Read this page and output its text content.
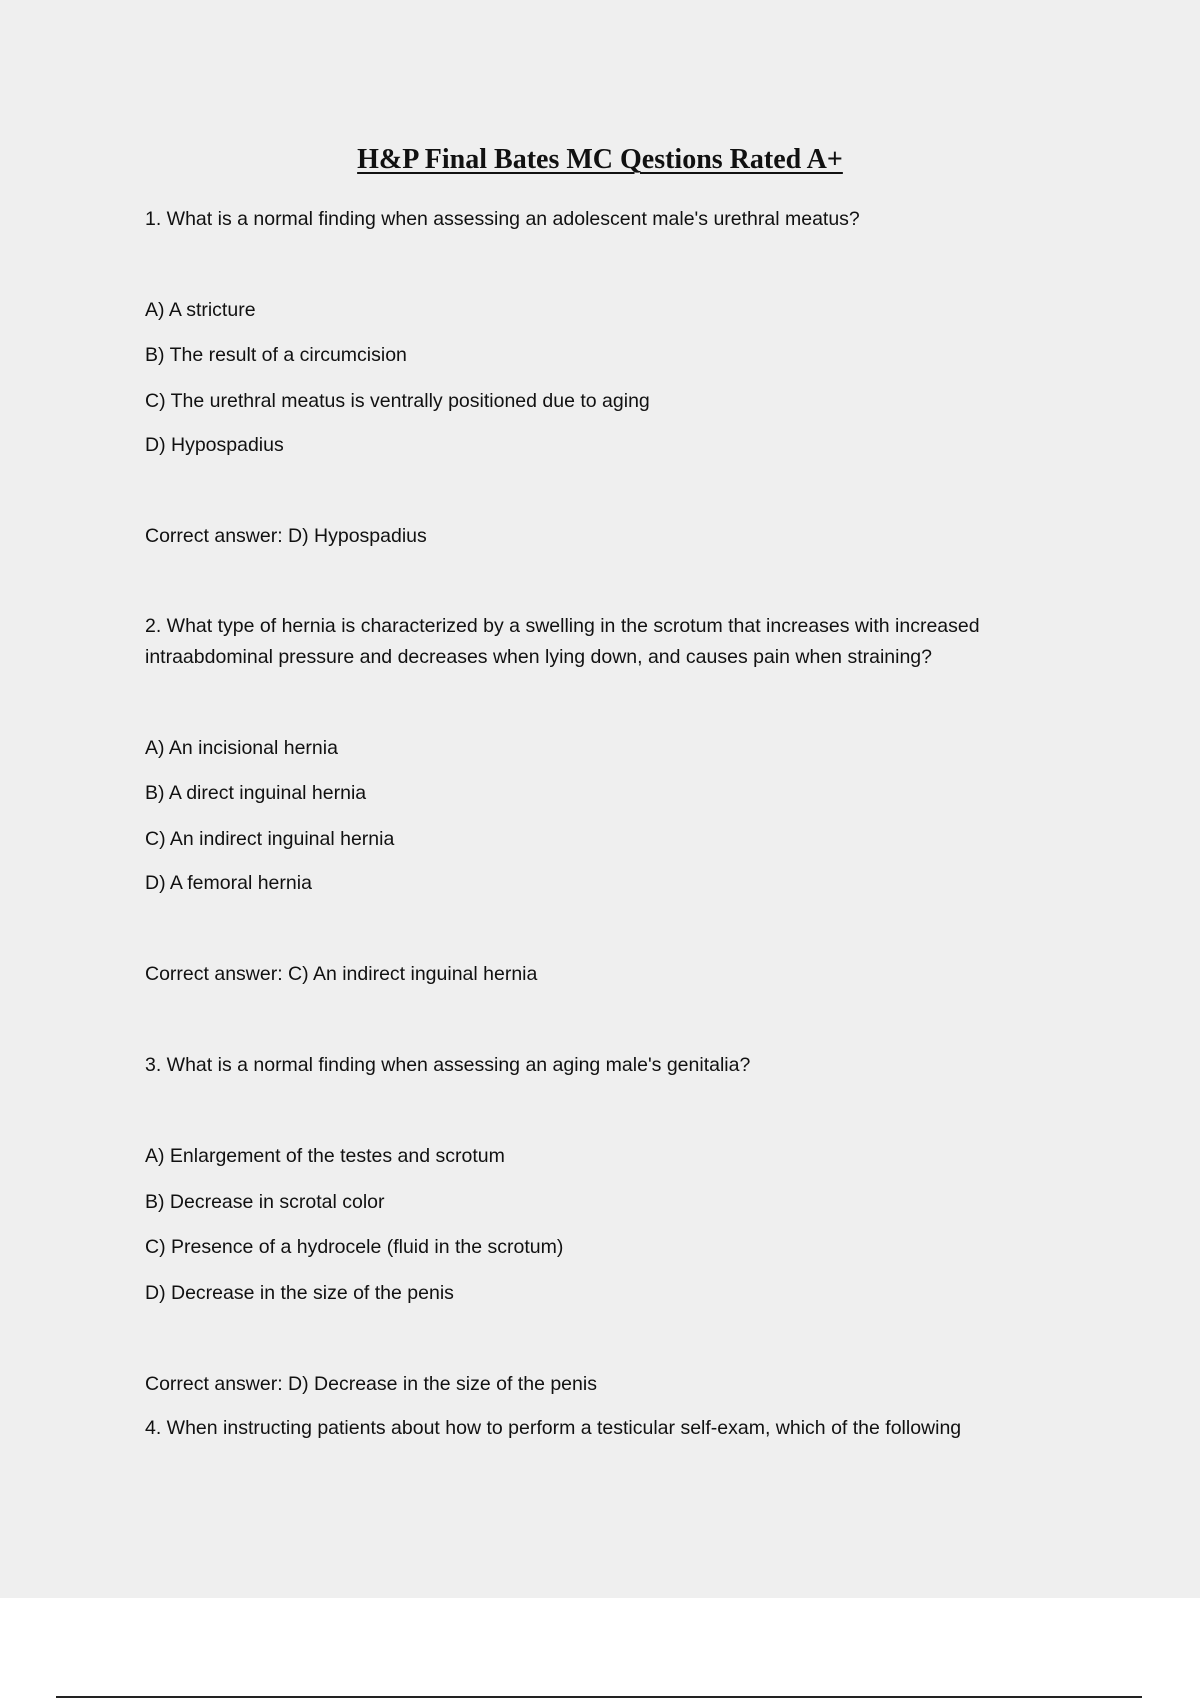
H&P Final Bates MC Qestions Rated A+
1. What is a normal finding when assessing an adolescent male's urethral meatus?
A) A stricture
B) The result of a circumcision
C) The urethral meatus is ventrally positioned due to aging
D) Hypospadius
Correct answer: D) Hypospadius
2. What type of hernia is characterized by a swelling in the scrotum that increases with increased intraabdominal pressure and decreases when lying down, and causes pain when straining?
A) An incisional hernia
B) A direct inguinal hernia
C) An indirect inguinal hernia
D) A femoral hernia
Correct answer: C) An indirect inguinal hernia
3. What is a normal finding when assessing an aging male's genitalia?
A) Enlargement of the testes and scrotum
B) Decrease in scrotal color
C) Presence of a hydrocele (fluid in the scrotum)
D) Decrease in the size of the penis
Correct answer: D) Decrease in the size of the penis
4. When instructing patients about how to perform a testicular self-exam, which of the following
